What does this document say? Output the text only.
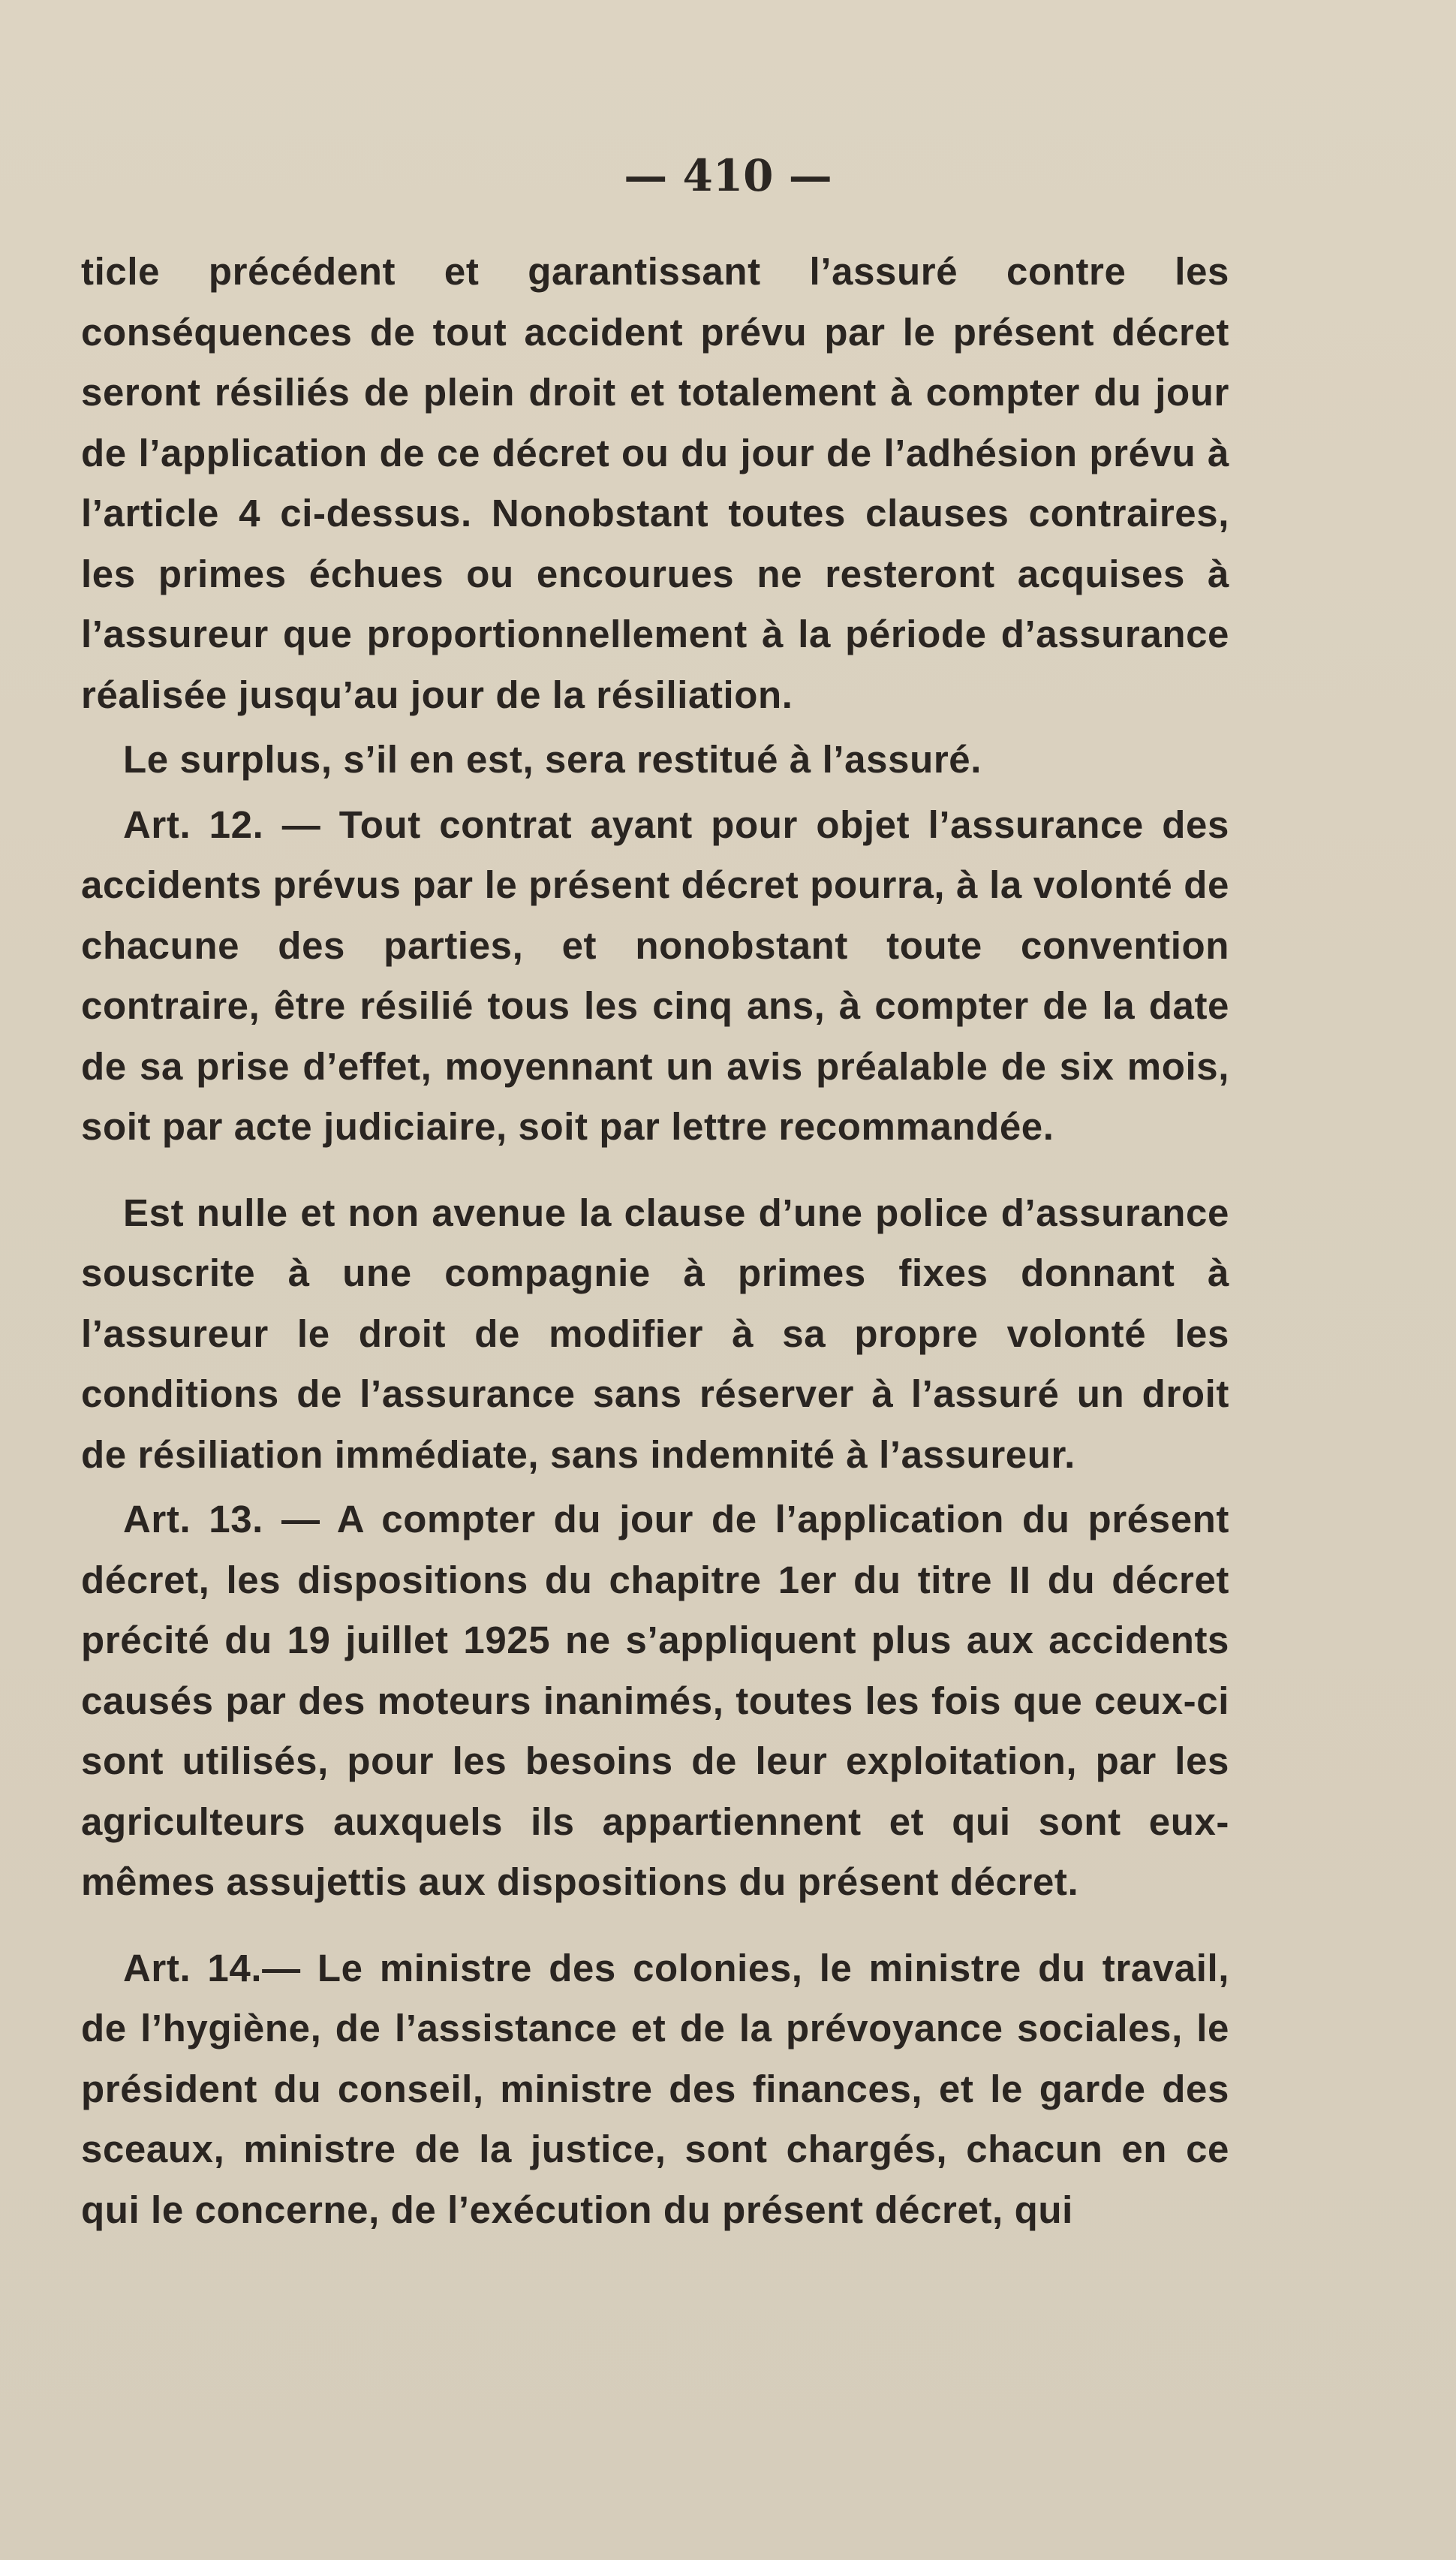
— 410 —

ticle précédent et garantissant l’assuré contre les conséquences de tout accident prévu par le présent décret seront résiliés de plein droit et totalement à compter du jour de l’application de ce décret ou du jour de l’adhésion prévu à l’article 4 ci-dessus. Nonobstant toutes clauses contraires, les primes échues ou encourues ne resteront acquises à l’assureur que proportionnellement à la période d’assurance réalisée jusqu’au jour de la résiliation.

Le surplus, s’il en est, sera restitué à l’assuré.

Art. 12. — Tout contrat ayant pour objet l’assurance des accidents prévus par le présent décret pourra, à la volonté de chacune des parties, et nonobstant toute convention contraire, être résilié tous les cinq ans, à compter de la date de sa prise d’effet, moyennant un avis préalable de six mois, soit par acte judiciaire, soit par lettre recommandée.

Est nulle et non avenue la clause d’une police d’assurance souscrite à une compagnie à primes fixes donnant à l’assureur le droit de modifier à sa propre volonté les conditions de l’assurance sans réserver à l’assuré un droit de résiliation immédiate, sans indemnité à l’assureur.

Art. 13. — A compter du jour de l’application du présent décret, les dispositions du chapitre 1er du titre II du décret précité du 19 juillet 1925 ne s’appliquent plus aux accidents causés par des moteurs inanimés, toutes les fois que ceux-ci sont utilisés, pour les besoins de leur exploitation, par les agriculteurs auxquels ils appartiennent et qui sont eux-mêmes assujettis aux dispositions du présent décret.

Art. 14.— Le ministre des colonies, le ministre du travail, de l’hygiène, de l’assistance et de la prévoyance sociales, le président du conseil, ministre des finances, et le garde des sceaux, ministre de la justice, sont chargés, chacun en ce qui le concerne, de l’exécution du présent décret, qui
